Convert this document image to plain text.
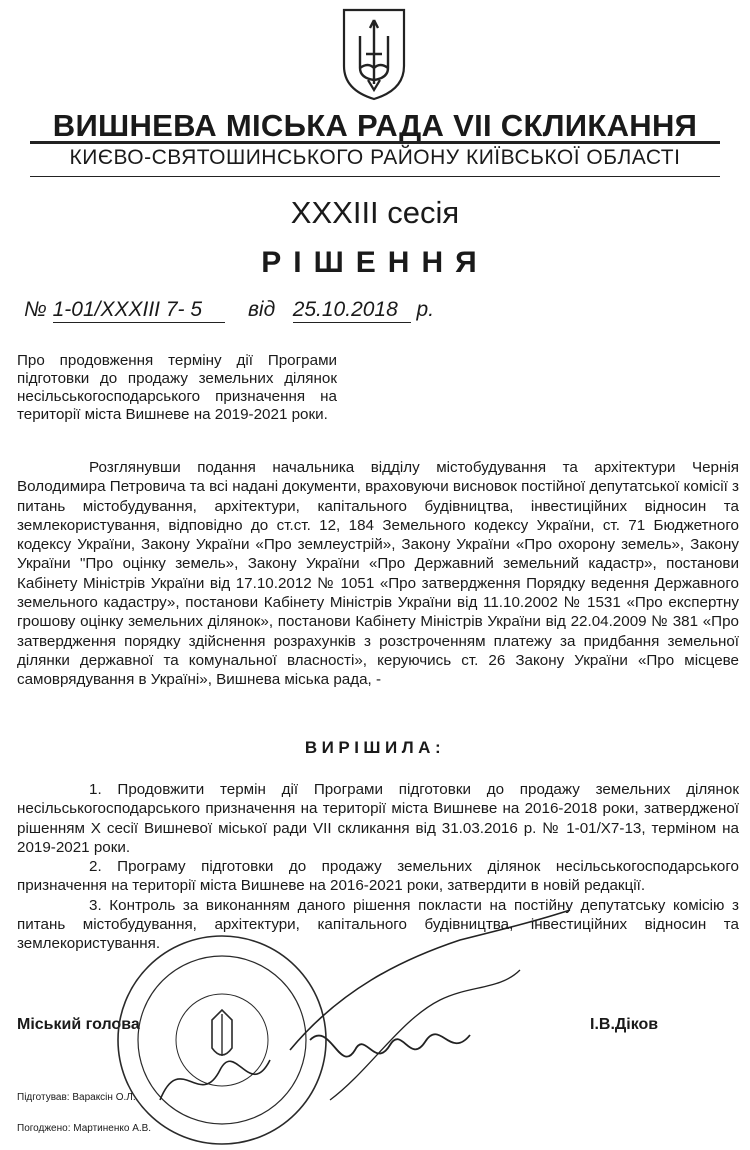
ВИШНЕВА МІСЬКА РАДА VII СКЛИКАННЯ
КИЄВО-СВЯТОШИНСЬКОГО РАЙОНУ КИЇВСЬКОЇ ОБЛАСТІ
XXXIII сесія
РІШЕННЯ
№ 1-01/XXXIII 7- 5 від 25.10.2018 р.
Про продовження терміну дії Програми підготовки до продажу земельних ділянок несільськогосподарського призначення на території міста Вишневе на 2019-2021 роки.

Розглянувши подання начальника відділу містобудування та архітектури Чернія Володимира Петровича та всі надані документи, враховуючи висновок постійної депутатської комісії з питань містобудування, архітектури, капітального будівництва, інвестиційних відносин та землекористування, відповідно до ст.ст. 12, 184 Земельного кодексу України, ст. 71 Бюджетного кодексу України, Закону України «Про землеустрій», Закону України «Про охорону земель», Закону України "Про оцінку земель», Закону України «Про Державний земельний кадастр», постанови Кабінету Міністрів України від 17.10.2012 № 1051 «Про затвердження Порядку ведення Державного земельного кадастру», постанови Кабінету Міністрів України від 11.10.2002 № 1531 «Про експертну грошову оцінку земельних ділянок», постанови Кабінету Міністрів України від 22.04.2009 № 381 «Про затвердження порядку здійснення розрахунків з розстроченням платежу за придбання земельної ділянки державної та комунальної власності», керуючись ст. 26 Закону України «Про місцеве самоврядування в Україні», Вишнева міська рада, -

ВИРІШИЛА:

1. Продовжити термін дії Програми підготовки до продажу земельних ділянок несільськогосподарського призначення на території міста Вишневе на 2016-2018 роки, затвердженої рішенням X сесії Вишневої міської ради VII скликання від 31.03.2016 р. № 1-01/X7-13, терміном на 2019-2021 роки.

2. Програму підготовки до продажу земельних ділянок несільськогосподарського призначення на території міста Вишневе на 2016-2021 роки, затвердити в новій редакції.

3. Контроль за виконанням даного рішення покласти на постійну депутатську комісію з питань містобудування, архітектури, капітального будівництва, інвестиційних відносин та землекористування.

Міський голова	І.В.Діков
Підготував: Варaксін О.Л.
Погоджено: Мартиненко А.В.
